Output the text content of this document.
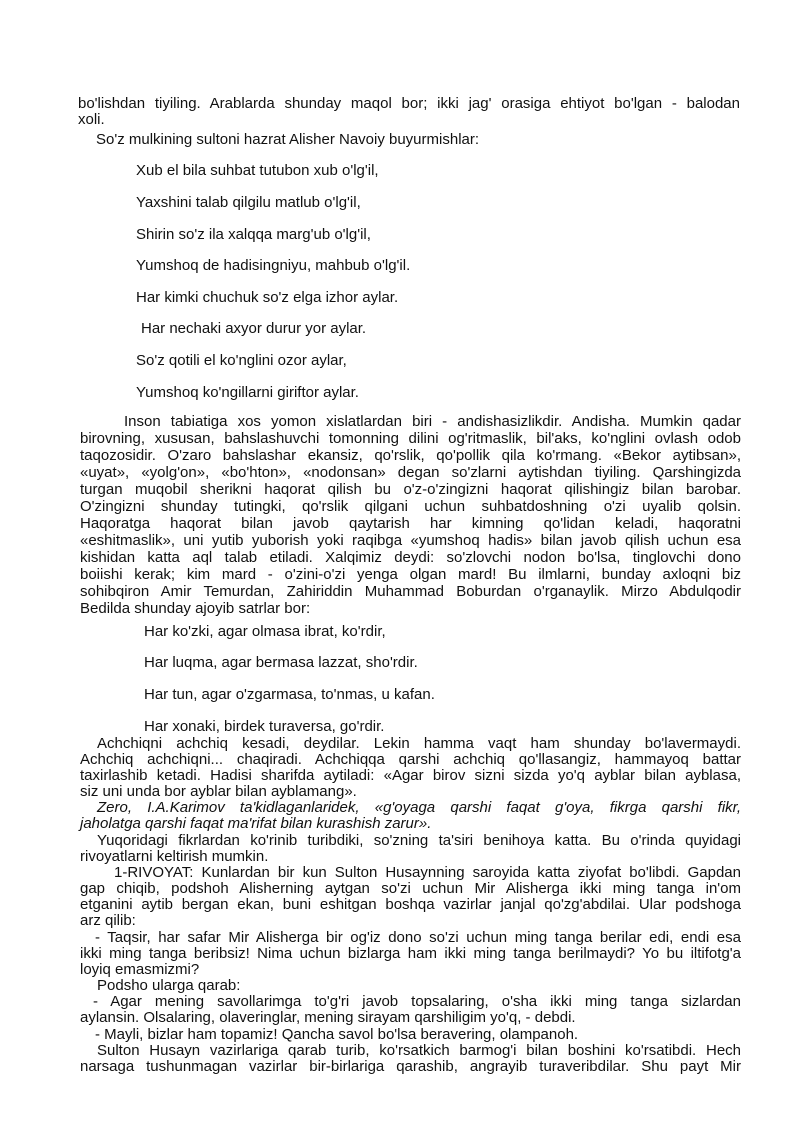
bo'lishdan tiyiling. Arablarda shunday maqol bor; ikki jag' orasiga ehtiyot bo'lgan - balodan
xoli.
So'z mulkining sultoni hazrat Alisher Navoiy buyurmishlar:
Xub el bila suhbat tutubon xub o'lg'il,
Yaxshini talab qilgilu matlub o'lg'il,
Shirin so'z ila xalqqa marg'ub o'lg'il,
Yumshoq de hadisingniyu, mahbub o'lg'il.
Har kimki chuchuk so'z elga izhor aylar.
Har nechaki axyor durur yor aylar.
So'z qotili el ko'nglini ozor aylar,
Yumshoq ko'ngillarni giriftor aylar.
Inson tabiatiga xos yomon xislatlardan biri - andishasizlikdir. Andisha. Mumkin qadar
birovning, xususan, bahslashuvchi tomonning dilini og'ritmaslik, bil'aks, ko'nglini ovlash odob
taqozosidir. O'zaro bahslashar ekansiz, qo'rslik, qo'pollik qila ko'rmang. «Bekor aytibsan»,
«uyat», «yolg'on», «bo'hton», «nodonsan» degan so'zlarni aytishdan tiyiling. Qarshingizda
turgan muqobil sherikni haqorat qilish bu o'z-o'zingizni haqorat qilishingiz bilan barobar.
O'zingizni shunday tutingki, qo'rslik qilgani uchun suhbatdoshning o'zi uyalib qolsin.
Haqoratga haqorat bilan javob qaytarish har kimning qo'lidan keladi, haqoratni
«eshitmaslik», uni yutib yuborish yoki raqibga «yumshoq hadis» bilan javob qilish uchun esa
kishidan katta aql talab etiladi. Xalqimiz deydi: so'zlovchi nodon bo'lsa, tinglovchi dono
boiishi kerak; kim mard - o'zini-o'zi yenga olgan mard! Bu ilmlarni, bunday axloqni biz
sohibqiron Amir Temurdan, Zahiriddin Muhammad Boburdan o'rganaylik. Mirzo Abdulqodir
Bedilda shunday ajoyib satrlar bor:
Har ko'zki, agar olmasa ibrat, ko'rdir,
Har luqma, agar bermasa lazzat, sho'rdir.
Har tun, agar o'zgarmasa, to'nmas, u kafan.
Har xonaki, birdek turaversa, go'rdir.
Achchiqni achchiq kesadi, deydilar. Lekin hamma vaqt ham shunday bo'lavermaydi.
Achchiq achchiqni... chaqiradi. Achchiqqa qarshi achchiq qo'llasangiz, hammayoq battar
taxirlashib ketadi. Hadisi sharifda aytiladi: «Agar birov sizni sizda yo'q ayblar bilan ayblasa,
siz uni unda bor ayblar bilan ayblamang».
Zero, I.A.Karimov ta'kidlaganlaridek, «g'oyaga qarshi faqat g'oya, fikrga qarshi fikr,
jaholatga qarshi faqat ma'rifat bilan kurashish zarur».
Yuqoridagi fikrlardan ko'rinib turibdiki, so'zning ta'siri benihoya katta. Bu o'rinda quyidagi
rivoyatlarni keltirish mumkin.
1-RIVOYAT: Kunlardan bir kun Sulton Husaynning saroyida katta ziyofat bo'libdi. Gapdan
gap chiqib, podshoh Alisherning aytgan so'zi uchun Mir Alisherga ikki ming tanga in'om
etganini aytib bergan ekan, buni eshitgan boshqa vazirlar janjal qo'zg'abdilai. Ular podshoga
arz qilib:
- Taqsir, har safar Mir Alisherga bir og'iz dono so'zi uchun ming tanga berilar edi, endi esa
ikki ming tanga beribsiz! Nima uchun bizlarga ham ikki ming tanga berilmaydi? Yo bu iltifotg'a
loyiq emasmizmi?
Podsho ularga qarab:
- Agar mening savollarimga to'g'ri javob topsalaring, o'sha ikki ming tanga sizlardan
aylansin. Olsalaring, olaveringlar, mening sirayam qarshiligim yo'q, - debdi.
- Mayli, bizlar ham topamiz! Qancha savol bo'lsa beravering, olampanoh.
Sulton Husayn vazirlariga qarab turib, ko'rsatkich barmog'i bilan boshini ko'rsatibdi. Hech
narsaga tushunmagan vazirlar bir-birlariga qarashib, angrayib turaveribdilar. Shu payt Mir
